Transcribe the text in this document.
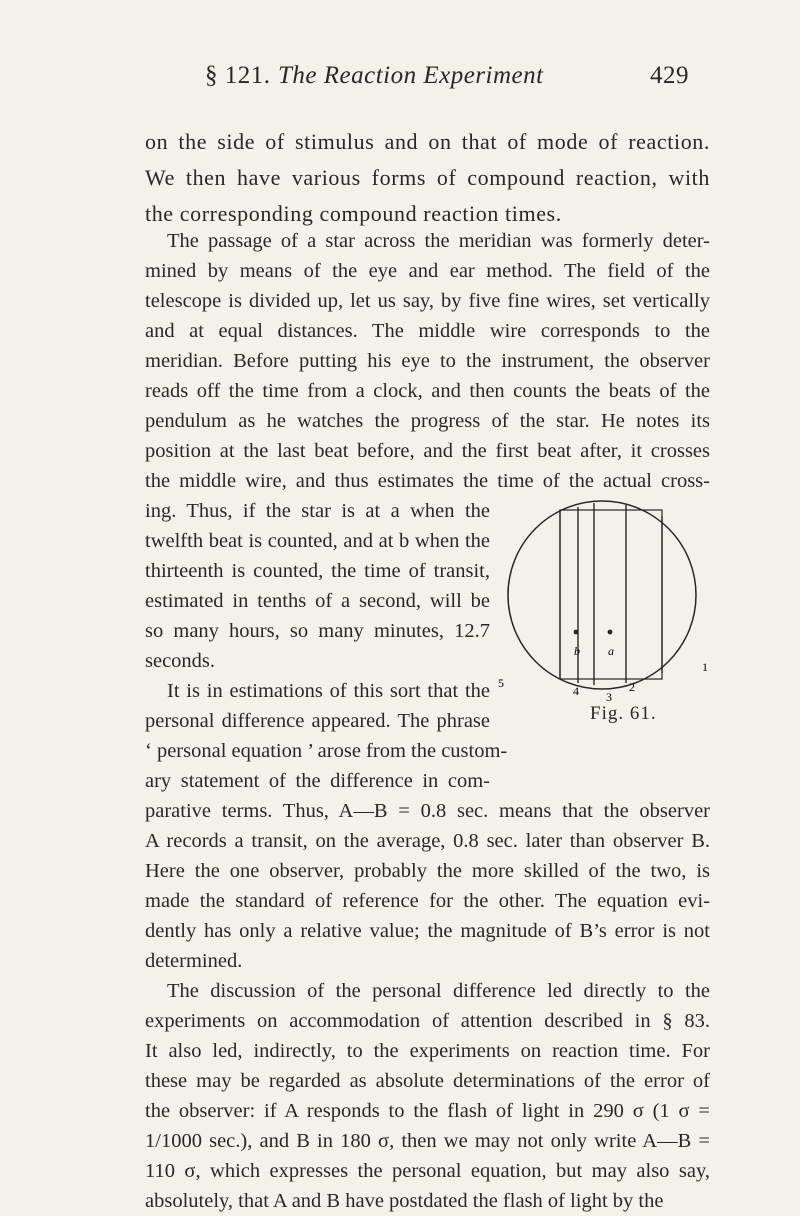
§ 121. The Reaction Experiment	429
on the side of stimulus and on that of mode of reaction.
We then have various forms of compound reaction, with
the corresponding compound reaction times.
The passage of a star across the meridian was formerly deter-
mined by means of the eye and ear method. The field of the
telescope is divided up, let us say, by five fine wires, set vertically
and at equal distances. The middle wire corresponds to the
meridian. Before putting his eye to the instrument, the observer
reads off the time from a clock, and then counts the beats of the
pendulum as he watches the progress of the star. He notes its
position at the last beat before, and the first beat after, it crosses
the middle wire, and thus estimates the time of the actual cross-
ing. Thus, if the star is at a when the
twelfth beat is counted, and at b when the
thirteenth is counted, the time of transit,
estimated in tenths of a second, will be
so many hours, so many minutes, 12.7
seconds.
It is in estimations of this sort that the
personal difference appeared. The phrase
‘ personal equation ’ arose from the custom-
ary statement of the difference in com-
parative terms. Thus, A—B = 0.8 sec. means that the observer
A records a transit, on the average, 0.8 sec. later than observer B.
Here the one observer, probably the more skilled of the two, is
made the standard of reference for the other. The equation evi-
dently has only a relative value; the magnitude of B’s error is not
determined.
The discussion of the personal difference led directly to the
experiments on accommodation of attention described in § 83.
It also led, indirectly, to the experiments on reaction time. For
these may be regarded as absolute determinations of the error of
the observer: if A responds to the flash of light in 290 σ (1 σ =
1/1000 sec.), and B in 180 σ, then we may not only write A—B =
110 σ, which expresses the personal equation, but may also say,
absolutely, that A and B have postdated the flash of light by the
b a
5
4 3
2
1
Fig. 61.
